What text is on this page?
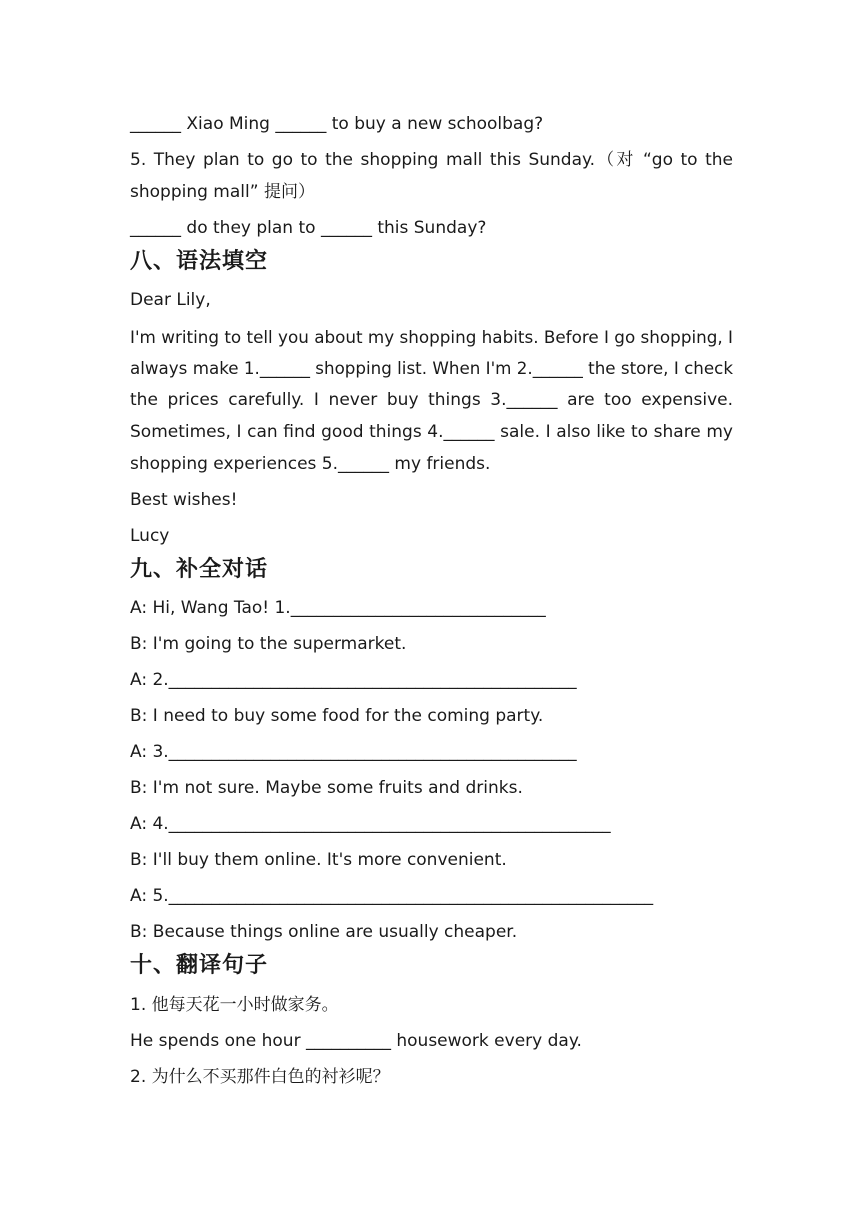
______ Xiao Ming ______ to buy a new schoolbag?
5. They plan to go to the shopping mall this Sunday.（对 “go to the
shopping mall” 提问）
______ do they plan to ______ this Sunday?
八、语法填空
Dear Lily,
I'm writing to tell you about my shopping habits. Before I go shopping, I
always make 1.______ shopping list. When I'm 2.______ the store, I check
the prices carefully. I never buy things 3.______ are too expensive.
Sometimes, I can find good things 4.______ sale. I also like to share my
shopping experiences 5.______ my friends.
Best wishes!
Lucy
九、补全对话
A: Hi, Wang Tao! 1.______________________________
B: I'm going to the supermarket.
A: 2.________________________________________________
B: I need to buy some food for the coming party.
A: 3.________________________________________________
B: I'm not sure. Maybe some fruits and drinks.
A: 4.____________________________________________________
B: I'll buy them online. It's more convenient.
A: 5._________________________________________________________
B: Because things online are usually cheaper.
十、翻译句子
1. 他每天花一小时做家务。
He spends one hour __________ housework every day.
2. 为什么不买那件白色的衬衫呢？
